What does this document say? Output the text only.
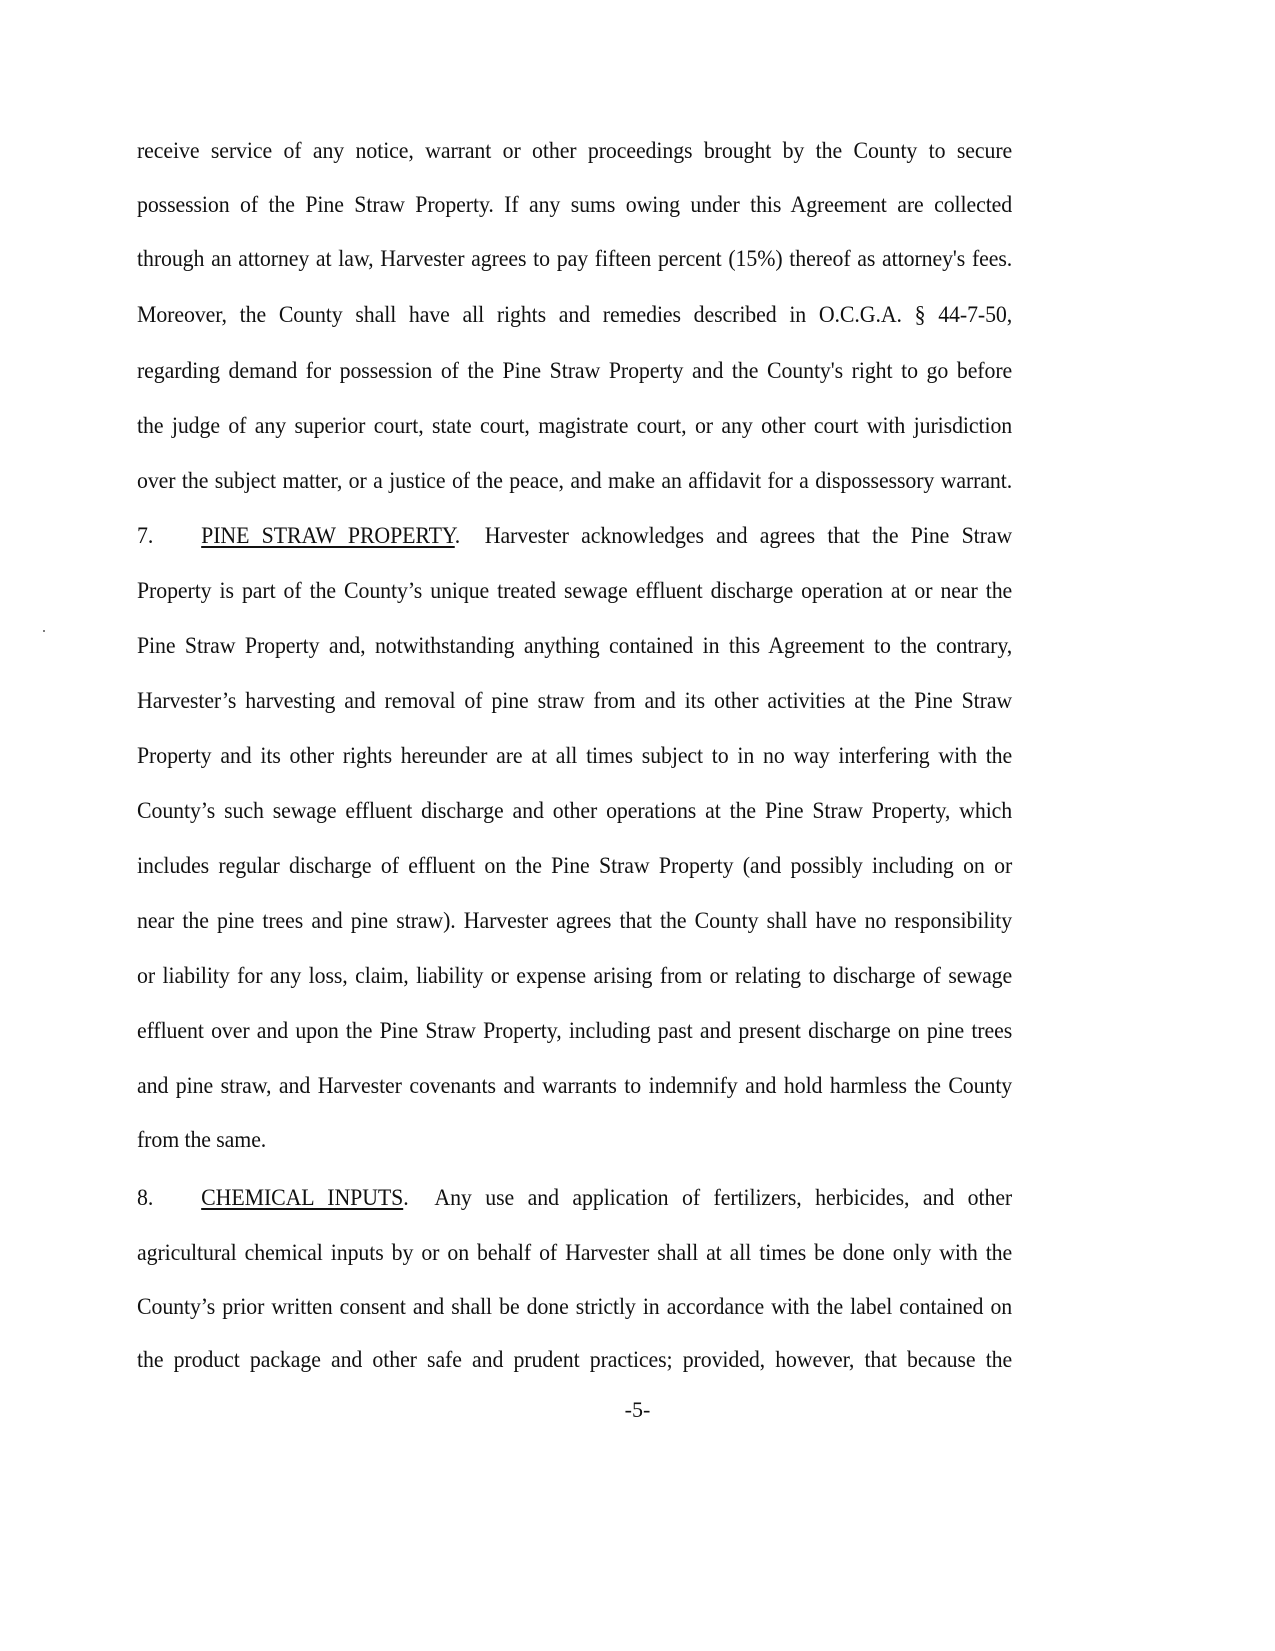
receive service of any notice, warrant or other proceedings brought by the County to secure
possession of the Pine Straw Property. If any sums owing under this Agreement are collected
through an attorney at law, Harvester agrees to pay fifteen percent (15%) thereof as attorney's fees.
Moreover, the County shall have all rights and remedies described in O.C.G.A. § 44-7-50,
regarding demand for possession of the Pine Straw Property and the County's right to go before
the judge of any superior court, state court, magistrate court, or any other court with jurisdiction
over the subject matter, or a justice of the peace, and make an affidavit for a dispossessory warrant.
7. PINE STRAW PROPERTY.  Harvester acknowledges and agrees that the Pine Straw
Property is part of the County’s unique treated sewage effluent discharge operation at or near the
Pine Straw Property and, notwithstanding anything contained in this Agreement to the contrary,
Harvester’s harvesting and removal of pine straw from and its other activities at the Pine Straw
Property and its other rights hereunder are at all times subject to in no way interfering with the
County’s such sewage effluent discharge and other operations at the Pine Straw Property, which
includes regular discharge of effluent on the Pine Straw Property (and possibly including on or
near the pine trees and pine straw). Harvester agrees that the County shall have no responsibility
or liability for any loss, claim, liability or expense arising from or relating to discharge of sewage
effluent over and upon the Pine Straw Property, including past and present discharge on pine trees
and pine straw, and Harvester covenants and warrants to indemnify and hold harmless the County
from the same.
8. CHEMICAL INPUTS.  Any use and application of fertilizers, herbicides, and other
agricultural chemical inputs by or on behalf of Harvester shall at all times be done only with the
County’s prior written consent and shall be done strictly in accordance with the label contained on
the product package and other safe and prudent practices; provided, however, that because the
-5-
